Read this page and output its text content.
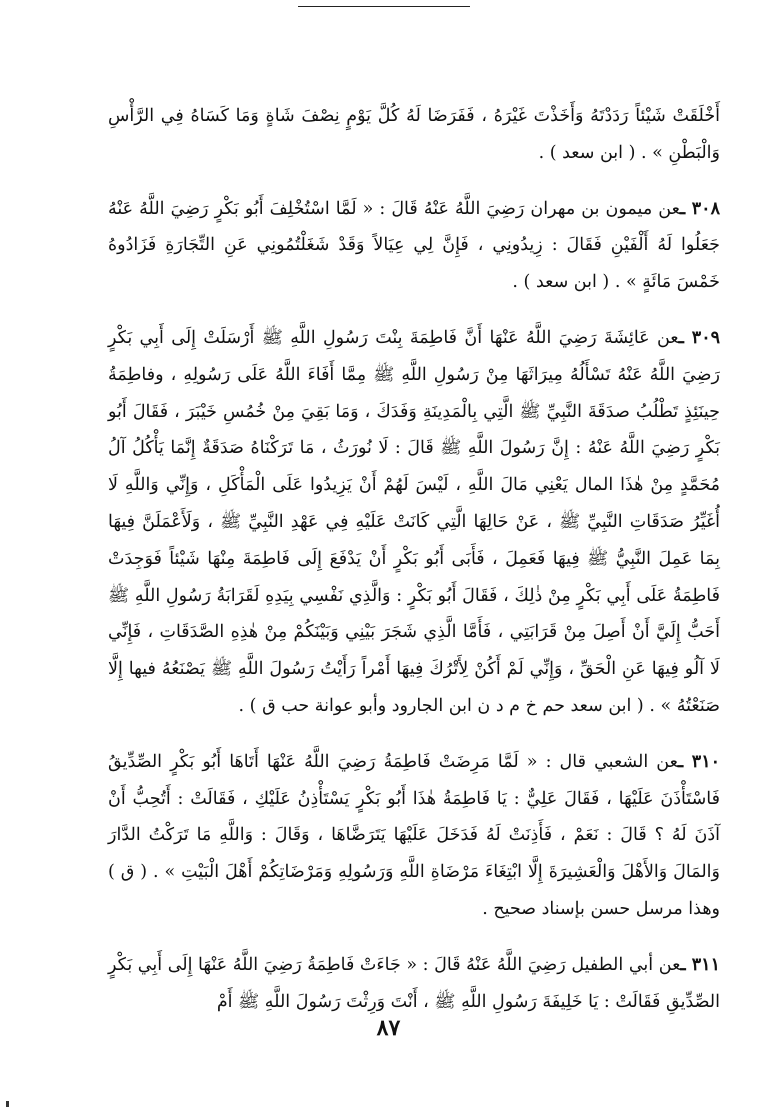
أَخْلَقَتْ شَيْئاً رَدَدْتَهُ وَأَخَذْتَ غَيْرَهُ ، فَفَرَضَا لَهُ كُلَّ يَوْمٍ نِصْفَ شَاةٍ وَمَا كَسَاهُ فِي الرَّأْسِ وَالْبَطْنِ » . ( ابن سعد ) .

٣٠٨ ـعن ميمون بن مهران رَضِيَ اللَّهُ عَنْهُ قَالَ : « لَمَّا اسْتُخْلِفَ أَبُو بَكْرٍ رَضِيَ اللَّهُ عَنْهُ جَعَلُوا لَهُ أَلْفَيْنِ فَقَالَ : زِيدُونِي ، فَإِنَّ لِي عِيَالاً وَقَدْ شَغَلْتُمُونِي عَنِ التِّجَارَةِ فَزَادُوهُ خَمْسَ مَائَةٍ » . ( ابن سعد ) .

٣٠٩ ـعن عَائِشَةَ رَضِيَ اللَّهُ عَنْهَا أَنَّ فَاطِمَةَ بِنْتَ رَسُولِ اللَّهِ ﷺ أَرْسَلَتْ إِلَى أَبِي بَكْرٍ رَضِيَ اللَّهُ عَنْهُ تَسْأَلُهُ مِيرَاثَهَا مِنْ رَسُولِ اللَّهِ ﷺ مِمَّا أَفَاءَ اللَّهُ عَلَى رَسُولِهِ ، وفاطِمَةُ حِينَئِذٍ تَطْلُبُ صدَقَةَ النَّبِيِّ ﷺ الَّتِي بِالْمَدِينَةِ وَفَدَكَ ، وَمَا بَقِيَ مِنْ خُمُسِ خَيْبَرَ ، فَقَالَ أَبُو بَكْرٍ رَضِيَ اللَّهُ عَنْهُ : إِنَّ رَسُولَ اللَّهِ ﷺ قَالَ : لَا نُورَثُ ، مَا تَرَكْنَاهُ صَدَقَةٌ إِنَّمَا يَأْكُلُ آلُ مُحَمَّدٍ مِنْ هٰذَا المال يَعْنِي مَالَ اللَّهِ ، لَيْسَ لَهُمْ أَنْ يَزِيدُوا عَلَى الْمَأْكَلِ ، وَإِنِّي وَاللَّهِ لَا أُغَيِّرُ صَدَقَاتِ النَّبِيِّ ﷺ ، عَنْ حَالِهَا الَّتِي كَانَتْ عَلَيْهِ فِي عَهْدِ النَّبِيِّ ﷺ ، وَلَأَعْمَلَنَّ فِيهَا بِمَا عَمِلَ النَّبِيُّ ﷺ فِيهَا فَعَمِلَ ، فَأَبَى أَبُو بَكْرٍ أَنْ يَدْفَعَ إِلَى فَاطِمَةَ مِنْهَا شَيْئاً فَوَجِدَتْ فَاطِمَةُ عَلَى أَبِي بَكْرٍ مِنْ ذٰلِكَ ، فَقَالَ أَبُو بَكْرٍ : وَالَّذِي نَفْسِي بِيَدِهِ لَقَرَابَةُ رَسُولِ اللَّهِ ﷺ أَحَبُّ إِلَيَّ أَنْ أَصِلَ مِنْ قَرَابَتِي ، فَأَمَّا الَّذِي شَجَرَ بَيْنِي وَبَيْنَكُمْ مِنْ هٰذِهِ الصَّدَقَاتِ ، فَإِنِّي لَا آلُو فِيهَا عَنِ الْحَقِّ ، وَإِنِّي لَمْ أَكُنْ لِأَتْرُكَ فِيهَا أَمْراً رَأَيْتُ رَسُولَ اللَّهِ ﷺ يَصْنَعُهُ فيها إِلَّا صَنَعْتُهُ » . ( ابن سعد حم خ م د ن ابن الجارود وأبو عوانة حب ق ) .

٣١٠ ـعن الشعبي قال : « لَمَّا مَرِضَتْ فَاطِمَةُ رَضِيَ اللَّهُ عَنْهَا أَتَاهَا أَبُو بَكْرٍ الصِّدِّيقُ فَاسْتَأْذَنَ عَلَيْهَا ، فَقَالَ عَلِيٌّ : يَا فَاطِمَةُ هٰذَا أَبُو بَكْرٍ يَسْتَأْذِنُ عَلَيْكِ ، فَقَالَتْ : أَتُحِبُّ أَنْ آذَنَ لَهُ ؟ قَالَ : نَعَمْ ، فَأَذِنَتْ لَهُ فَدَخَلَ عَلَيْهَا يَتَرَضَّاهَا ، وَقَالَ : وَاللَّهِ مَا تَرَكْتُ الدَّارَ وَالمَالَ وَالأَهْلَ وَالْعَشِيرَةَ إِلَّا ابْتِغَاءَ مَرْضَاةِ اللَّهِ وَرَسُولِهِ وَمَرْضَاتِكُمْ أَهْلَ الْبَيْتِ » . ( ق ) وهذا مرسل حسن بإسناد صحيح .

٣١١ ـعن أبي الطفيل رَضِيَ اللَّهُ عَنْهُ قَالَ : « جَاءَتْ فَاطِمَةُ رَضِيَ اللَّهُ عَنْهَا إِلَى أَبِي بَكْرٍ الصِّدِّيقِ فَقَالَتْ : يَا خَلِيفَةَ رَسُولِ اللَّهِ ﷺ ، أَنْتَ وَرِثْتَ رَسُولَ اللَّهِ ﷺ أَمْ

٨٧
